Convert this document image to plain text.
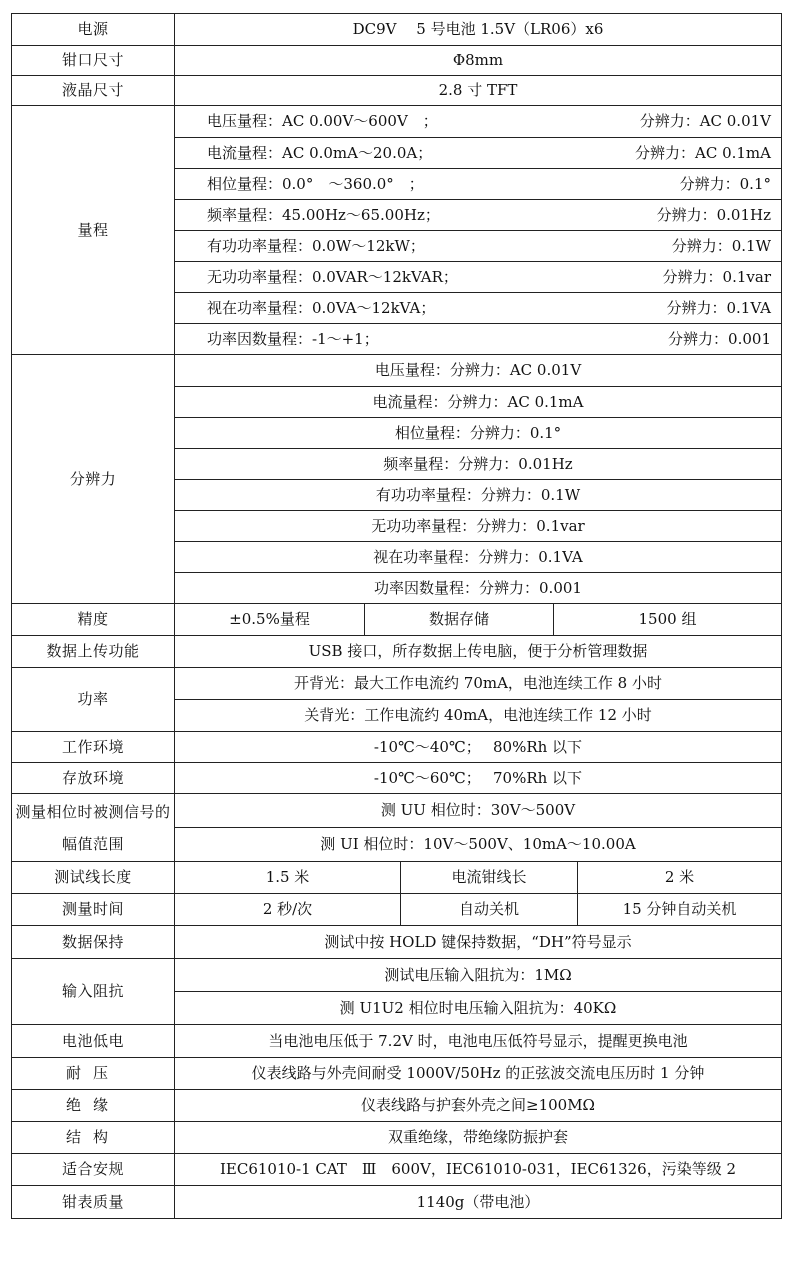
电源	DC9V　 5 号电池 1.5V（LR06）x6				
钳口尺寸	Φ8mm				
液晶尺寸	2.8 寸 TFT				
量程	电压量程：AC 0.00V～600V　； 分辨力：AC 0.01V				

	电流量程：AC 0.0mA～20.0A； 分辨力：AC 0.1mA				

	相位量程：0.0°　～360.0°　； 分辨力：0.1°				

	频率量程：45.00Hz～65.00Hz； 分辨力：0.01Hz				

	有功功率量程：0.0W～12kW； 分辨力：0.1W				

	无功功率量程：0.0VAR～12kVAR； 分辨力：0.1var				

	视在功率量程：0.0VA～12kVA； 分辨力：0.1VA				

	功率因数量程：-1～+1； 分辨力：0.001				

分辨力	电压量程：分辨力：AC 0.01V				
	电流量程：分辨力：AC 0.1mA				
	相位量程：分辨力：0.1°				
	频率量程：分辨力：0.01Hz				
	有功功率量程：分辨力：0.1W				
	无功功率量程：分辨力：0.1var				
	视在功率量程：分辨力：0.1VA				
	功率因数量程：分辨力：0.001				
精度	±0.5%量程	数据存储		1500 组	
数据上传功能	USB 接口，所存数据上传电脑，便于分析管理数据				
功率	开背光：最大工作电流约 70mA，电池连续工作 8 小时				
	关背光：工作电流约 40mA，电池连续工作 12 小时				
工作环境	-10℃～40℃；　 80%Rh 以下				
存放环境	-10℃～60℃；　 70%Rh 以下				
测量相位时被测信号的幅值范围	测 UU 相位时：30V～500V				
	测 UI 相位时：10V～500V、10mA～10.00A				
测试线长度	1.5 米		电流钳线长		2 米
测量时间	2 秒/次		自动关机		15 分钟自动关机
数据保持	测试中按 HOLD 键保持数据，“DH”符号显示				
输入阻抗	测试电压输入阻抗为：1MΩ				
	测 U1U2 相位时电压输入阻抗为：40KΩ				
电池低电	当电池电压低于 7.2V 时，电池电压低符号显示，提醒更换电池				
耐压	仪表线路与外壳间耐受 1000V/50Hz 的正弦波交流电压历时 1 分钟				
绝缘	仪表线路与护套外壳之间≥100MΩ				
结构	双重绝缘，带绝缘防振护套				
适合安规	IEC61010-1 CAT　Ⅲ　600V，IEC61010-031，IEC61326，污染等级 2				
钳表质量	1140g（带电池）				
